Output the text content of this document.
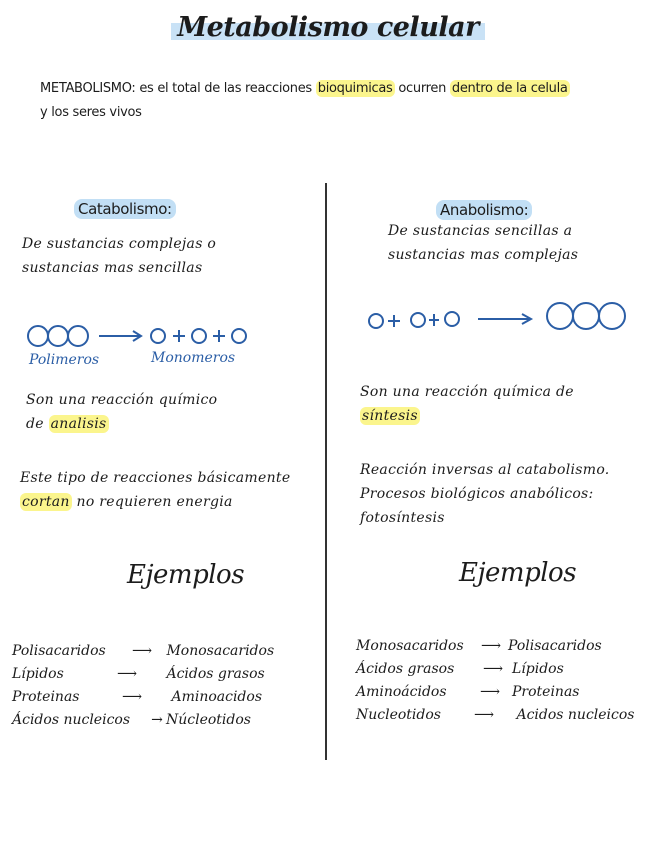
Metabolismo celular
METABOLISMO: es el total de las reacciones bioquimicas ocurren dentro de la celula
y los seres vivos
Catabolismo:
De sustancias complejas o
sustancias mas sencillas
Polimeros	Monomeros
Son una reacción químico
de analisis
Este tipo de reacciones básicamente
cortan no requieren energia
Ejemplos
Polisacaridos ⟶ Monosacaridos
Lípidos	⟶ Ácidos grasos
Proteinas	⟶ Aminoacidos
Ácidos nucleicos → Núcleotidos
Anabolismo:
De sustancias sencillas a
sustancias mas complejas
Son una reacción química de
síntesis
Reacción inversas al catabolismo.
Procesos biológicos anabólicos:
fotosíntesis
Ejemplos
Monosacaridos ⟶ Polisacaridos
Ácidos grasos ⟶ Lípidos
Aminoácidos ⟶ Proteinas
Nucleotidos ⟶ Acidos nucleicos
